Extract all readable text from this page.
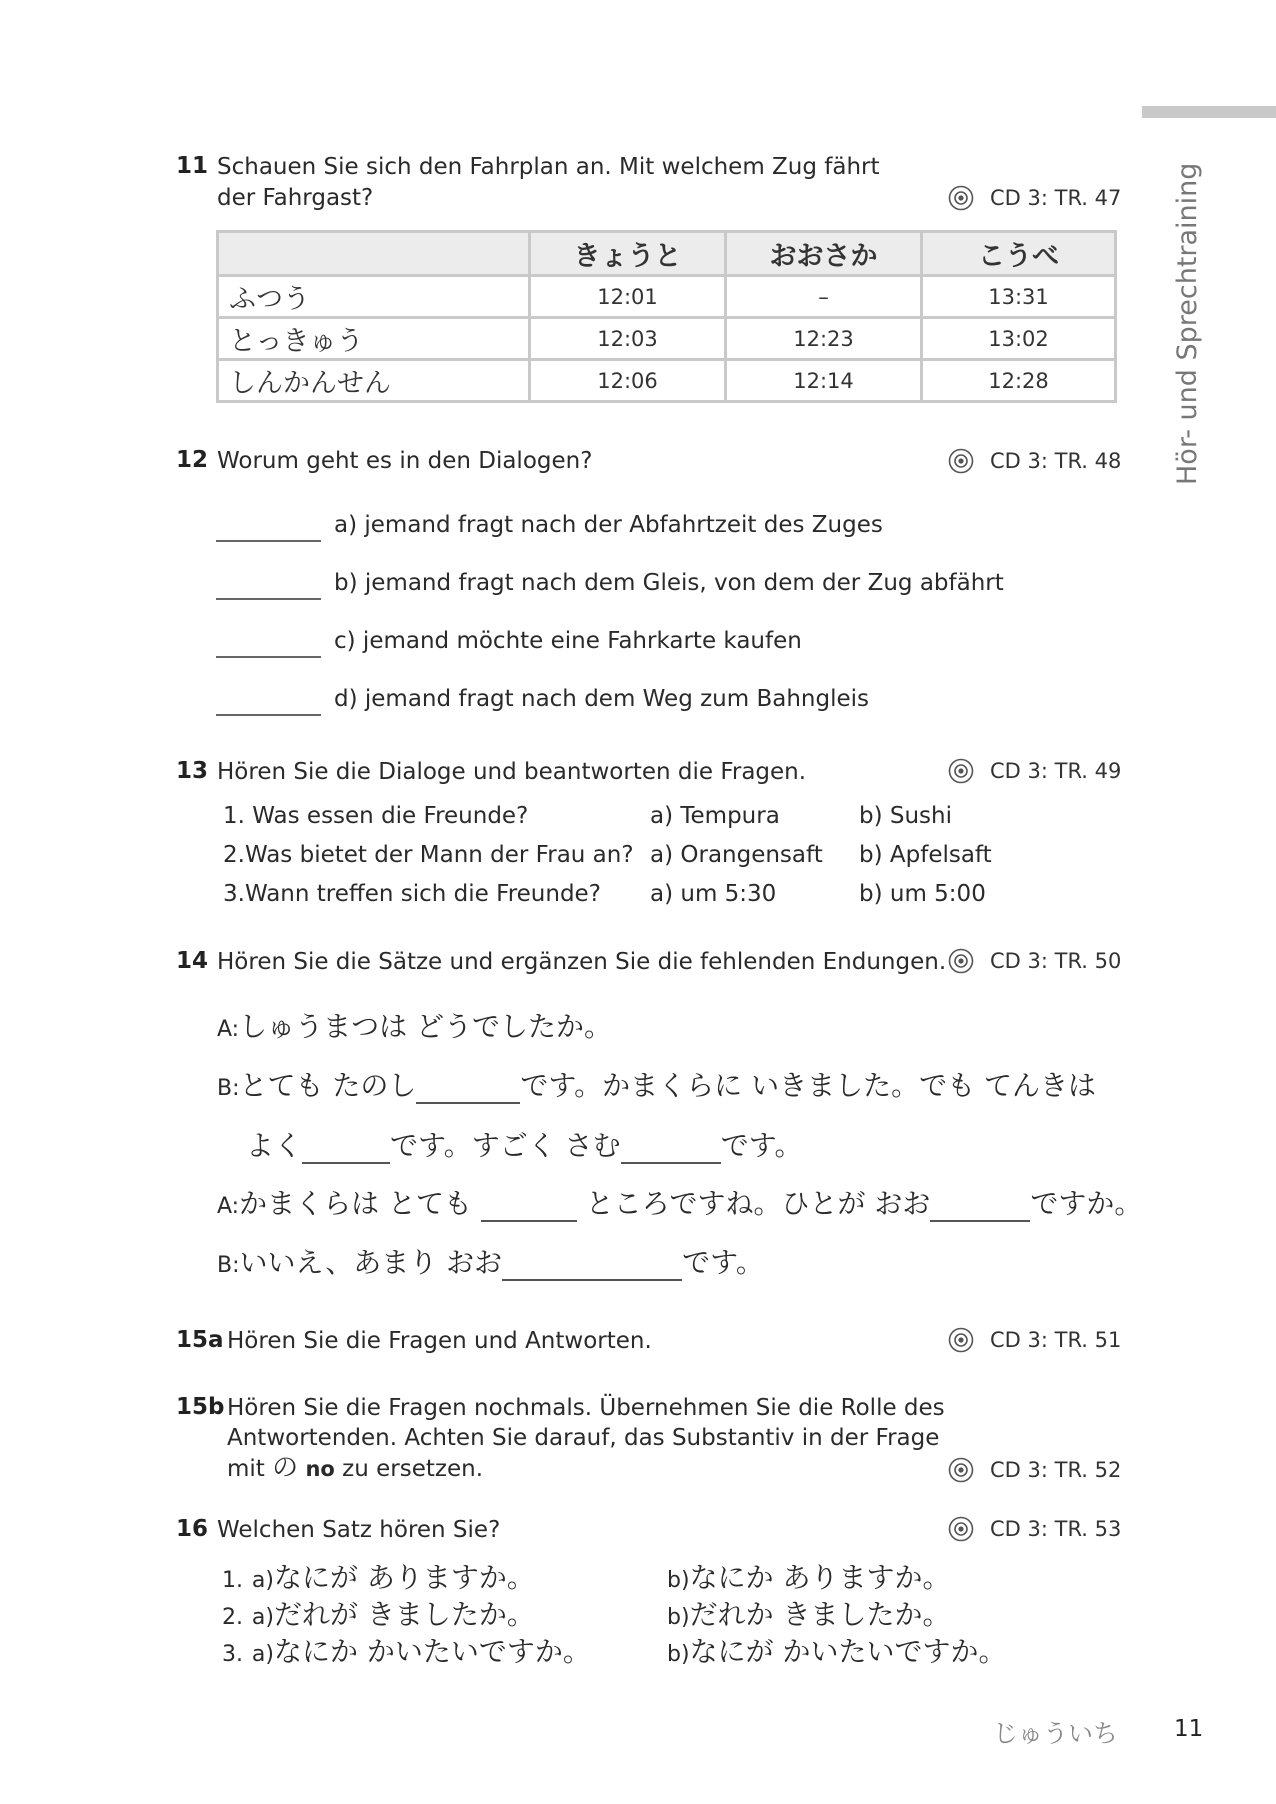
Hör- und Sprechtraining
11 Schauen Sie sich den Fahrplan an. Mit welchem Zug fährt
der Fahrgast?	CD 3: TR. 47
	きょうと	おおさか	こうべ
ふつう	12:01	–	13:31
とっきゅう	12:03	12:23	13:02
しんかんせん	12:06	12:14	12:28
12 Worum geht es in den Dialogen?	CD 3: TR. 48
a) jemand fragt nach der Abfahrtzeit des Zuges
b) jemand fragt nach dem Gleis, von dem der Zug abfährt
c) jemand möchte eine Fahrkarte kaufen
d) jemand fragt nach dem Weg zum Bahngleis
13 Hören Sie die Dialoge und beantworten die Fragen.	CD 3: TR. 49
1. Was essen die Freunde?	a) Tempura	b) Sushi
2.Was bietet der Mann der Frau an? a) Orangensaft b) Apfelsaft
3.Wann treffen sich die Freunde? a) um 5:30	b) um 5:00
14 Hören Sie die Sätze und ergänzen Sie die fehlenden Endungen. CD 3: TR. 50
A:しゅうまつは どうでしたか。
B:とても たのし	です。かまくらに いきました。でも てんきは
よく	です。すごく さむ	です。
A:かまくらは とても	ところですね。ひとが おお	ですか。
B:いいえ、あまり おお	です。
15a Hören Sie die Fragen und Antworten.	CD 3: TR. 51
15b Hören Sie die Fragen nochmals. Übernehmen Sie die Rolle des
Antwortenden. Achten Sie darauf, das Substantiv in der Frage
mit の no zu ersetzen.	CD 3: TR. 52
16 Welchen Satz hören Sie?	CD 3: TR. 53
1. a)なにが ありますか。	b)なにか ありますか。
2. a)だれが きましたか。	b)だれか きましたか。
3. a)なにか かいたいですか。	b)なにが かいたいですか。
じゅういち 11
